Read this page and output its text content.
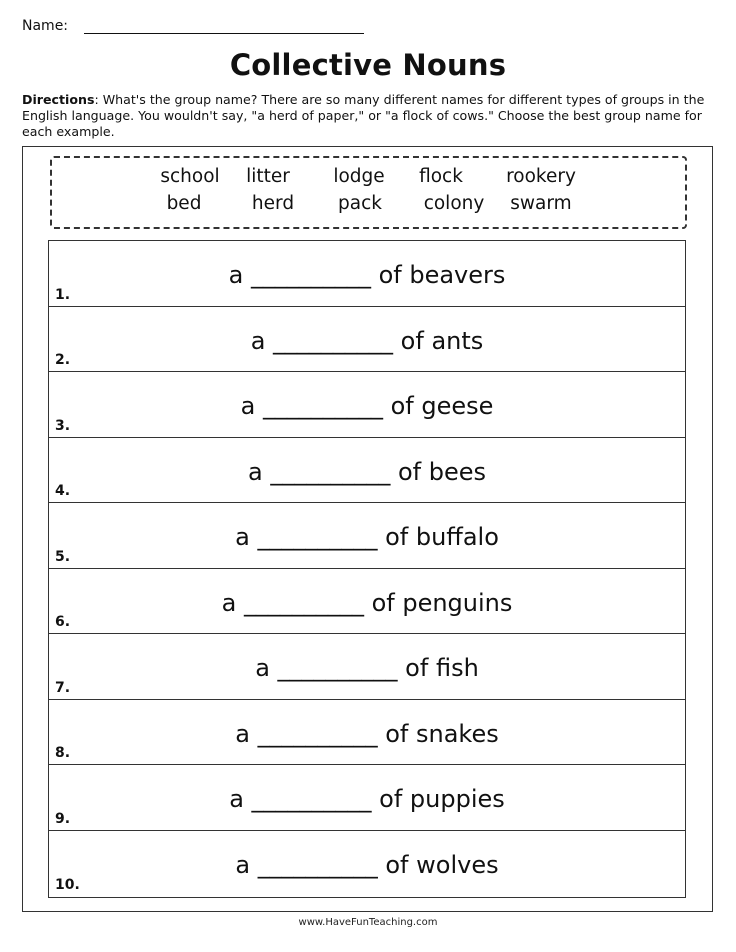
Name:
Collective Nouns

Directions: What's the group name? There are so many different names for different types of groups in the English language. You wouldn't say, "a herd of paper," or "a flock of cows." Choose the best group name for each example.

school litter lodge flock rookery
bed	herd pack colony swarm
1.
a __________ of beavers
2.
a __________ of ants
3.
a __________ of geese
4.
a __________ of bees
5.
a __________ of buffalo
6.
a __________ of penguins
7.
a __________ of fish
8.
a __________ of snakes
9.
a __________ of puppies
10.
a __________ of wolves
www.HaveFunTeaching.com
